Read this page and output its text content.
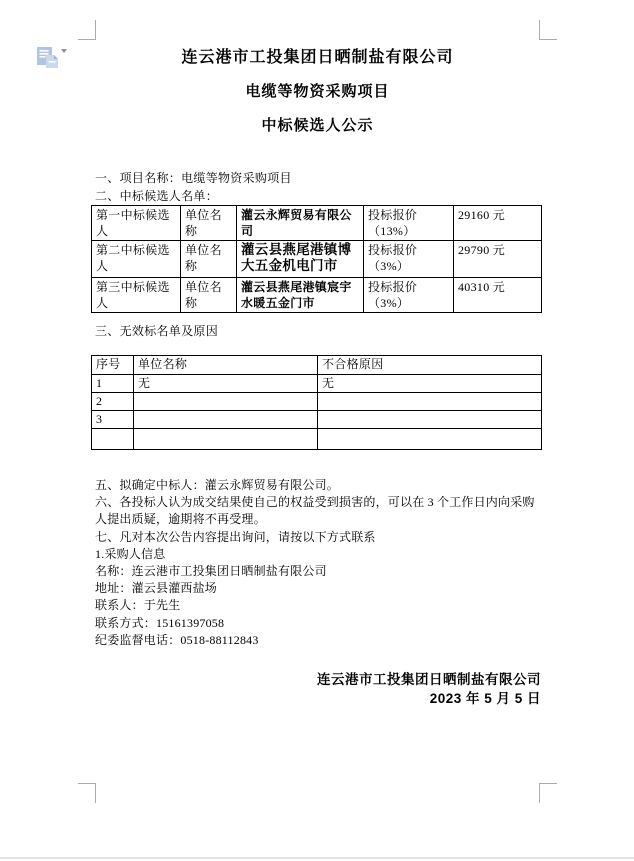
连云港市工投集团日晒制盐有限公司

电缆等物资采购项目

中标候选人公示

一、项目名称：电缆等物资采购项目

二、中标候选人名单：

第一中标候选人	单位名称	灌云永辉贸易有限公司	投标报价（13%）	29160 元
第二中标候选人	单位名称	灌云县燕尾港镇博大五金机电门市	投标报价（3%）	29790 元
第三中标候选人	单位名称	灌云县燕尾港镇宸宇水暖五金门市	投标报价（3%）	40310 元

三、无效标名单及原因

序号	单位名称	不合格原因
1	无	无
2		
3		

五、拟确定中标人：灌云永辉贸易有限公司。

六、各投标人认为成交结果使自己的权益受到损害的，可以在 3 个工作日内向采购人提出质疑，逾期将不再受理。

七、凡对本次公告内容提出询问，请按以下方式联系

1.采购人信息

名称：连云港市工投集团日晒制盐有限公司

地址：灌云县灌西盐场

联系人：于先生

联系方式：15161397058

纪委监督电话：0518-88112843

连云港市工投集团日晒制盐有限公司

2023 年 5 月 5 日
